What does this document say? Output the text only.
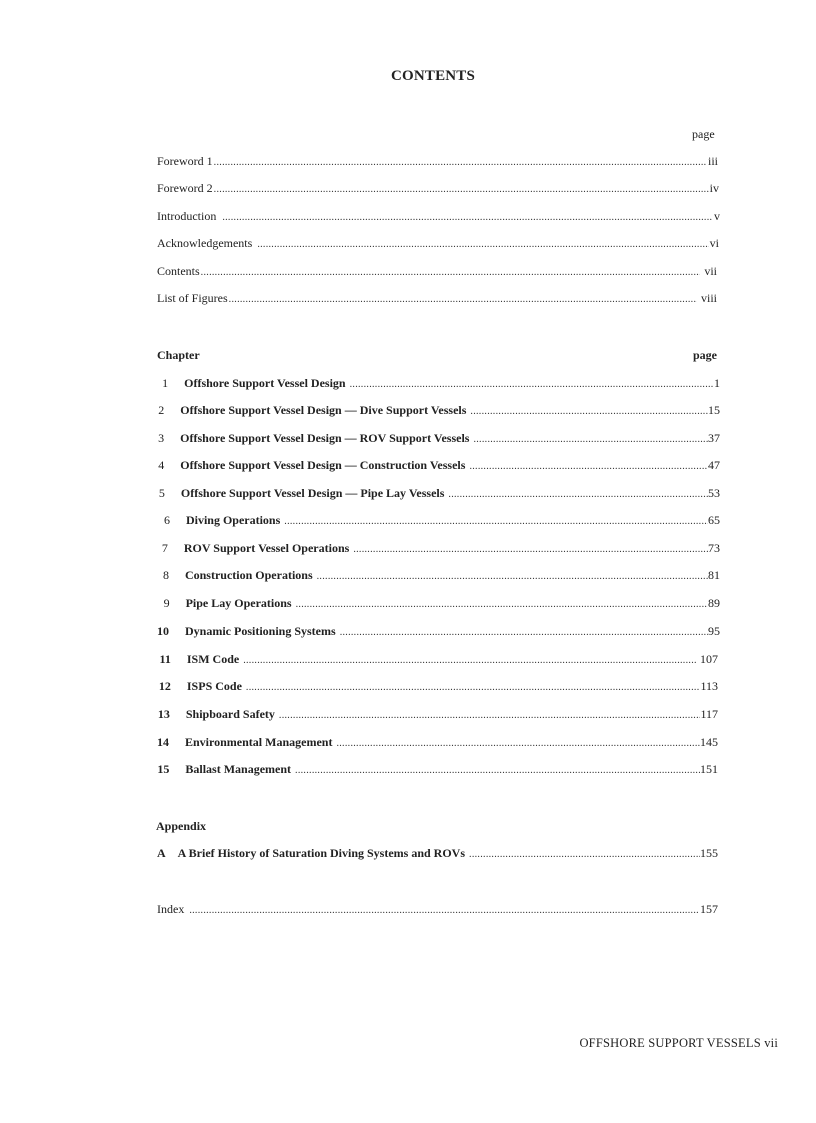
CONTENTS
page
Foreword 1 .....	iii
Foreword 2 .....	iv
Introduction .....	v
Acknowledgements .....	vi
Contents .....	vii
List of Figures .....	viii
Chapter	page
1 Offshore Support Vessel Design .....	1
2 Offshore Support Vessel Design — Dive Support Vessels .....	15
3 Offshore Support Vessel Design — ROV Support Vessels .....	37
4 Offshore Support Vessel Design — Construction Vessels .....	47
5 Offshore Support Vessel Design — Pipe Lay Vessels .....	53
6 Diving Operations .....	65
7 ROV Support Vessel Operations .....	73
8 Construction Operations .....	81
9 Pipe Lay Operations .....	89
10 Dynamic Positioning Systems .....	95
11 ISM Code .....	107
12 ISPS Code .....	113
13 Shipboard Safety .....	117
14 Environmental Management .....	145
15 Ballast Management .....	151
Appendix
A A Brief History of Saturation Diving Systems and ROVs .....	155
Index .....	157
OFFSHORE SUPPORT VESSELS vii
